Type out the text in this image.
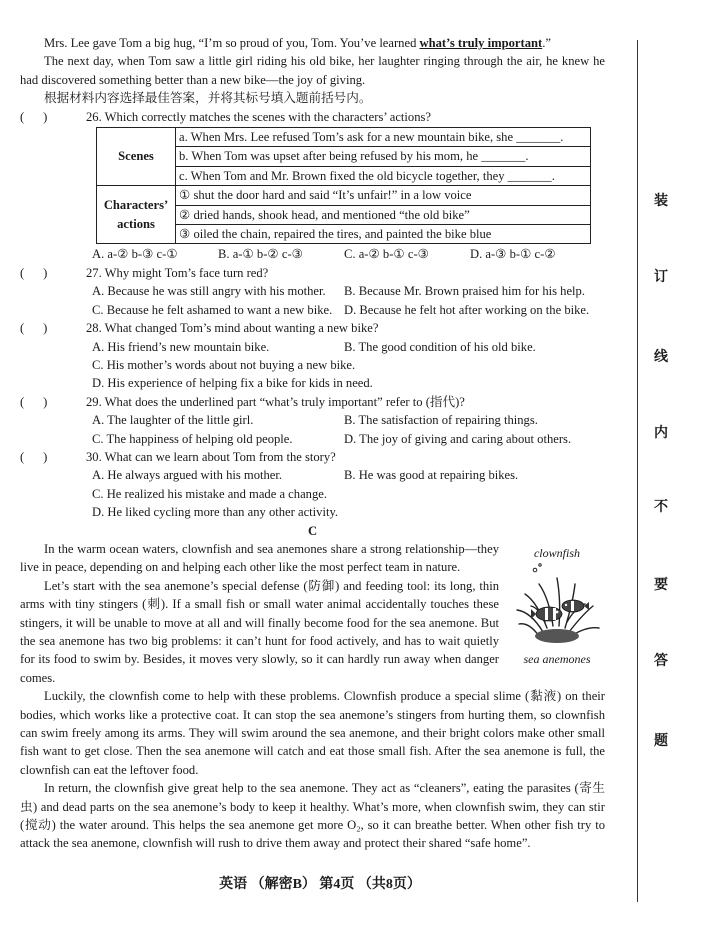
Mrs. Lee gave Tom a big hug, “I’m so proud of you, Tom. You’ve learned what’s truly important.”

The next day, when Tom saw a little girl riding his old bike, her laughter ringing through the air, he knew he had discovered something better than a new bike—the joy of giving.

根据材料内容选择最佳答案，并将其标号填入题前括号内。

(      )	26. Which correctly matches the scenes with the characters’ actions?
Scenes	a. When Mrs. Lee refused Tom’s ask for a new mountain bike, she _______.
	b. When Tom was upset after being refused by his mom, he _______.
	c. When Tom and Mr. Brown fixed the old bicycle together, they _______.
Characters’ actions	① shut the door hard and said “It’s unfair!” in a low voice
	② dried hands, shook head, and mentioned “the old bike”
	③ oiled the chain, repaired the tires, and painted the bike blue
A. a-② b-③ c-①	B. a-① b-② c-③	C. a-② b-① c-③	D. a-③ b-① c-②
(      )	27. Why might Tom’s face turn red?
A. Because he was still angry with his mother.	B. Because Mr. Brown praised him for his help.
C. Because he felt ashamed to want a new bike. D. Because he felt hot after working on the bike.
(      )	28. What changed Tom’s mind about wanting a new bike?
A. His friend’s new mountain bike.	B. The good condition of his old bike.
C. His mother’s words about not buying a new bike.
D. His experience of helping fix a bike for kids in need.
(      )	29. What does the underlined part “what’s truly important” refer to (指代)?
A. The laughter of the little girl.	B. The satisfaction of repairing things.
C. The happiness of helping old people.	D. The joy of giving and caring about others.
(      )	30. What can we learn about Tom from the story?
A. He always argued with his mother.	B. He was good at repairing bikes.
C. He realized his mistake and made a change.
D. He liked cycling more than any other activity.

C

clownfish
sea anemones

In the warm ocean waters, clownfish and sea anemones share a strong relationship—they live in peace, depending on and helping each other like the most perfect team in nature.

Let’s start with the sea anemone’s special defense (防御) and feeding tool: its long, thin arms with tiny stingers (刺). If a small fish or small water animal accidentally touches these stingers, it will be unable to move at all and will finally become food for the sea anemone. But the sea anemone has two big problems: it can’t hunt for food actively, and has to wait quietly for its food to swim by. Besides, it moves very slowly, so it can hardly run away when danger comes.

Luckily, the clownfish come to help with these problems. Clownfish produce a special slime (黏液) on their bodies, which works like a protective coat. It can stop the sea anemone’s stingers from hurting them, so clownfish can swim freely among its arms. They will swim around the sea anemone, and their bright colors make other small fish want to get close. Then the sea anemone will catch and eat those small fish. After the sea anemone is full, the clownfish can eat the leftover food.

In return, the clownfish give great help to the sea anemone. They act as “cleaners”, eating the parasites (寄生虫) and dead parts on the sea anemone’s body to keep it healthy. What’s more, when clownfish swim, they can stir (搅动) the water around. This helps the sea anemone get more O₂, so it can breathe better. When other fish try to attack the sea anemone, clownfish will rush to drive them away and protect their shared “safe home”.

英语 （解密B） 第4页 （共8页）
装
订
线
内
不
要
答
题
